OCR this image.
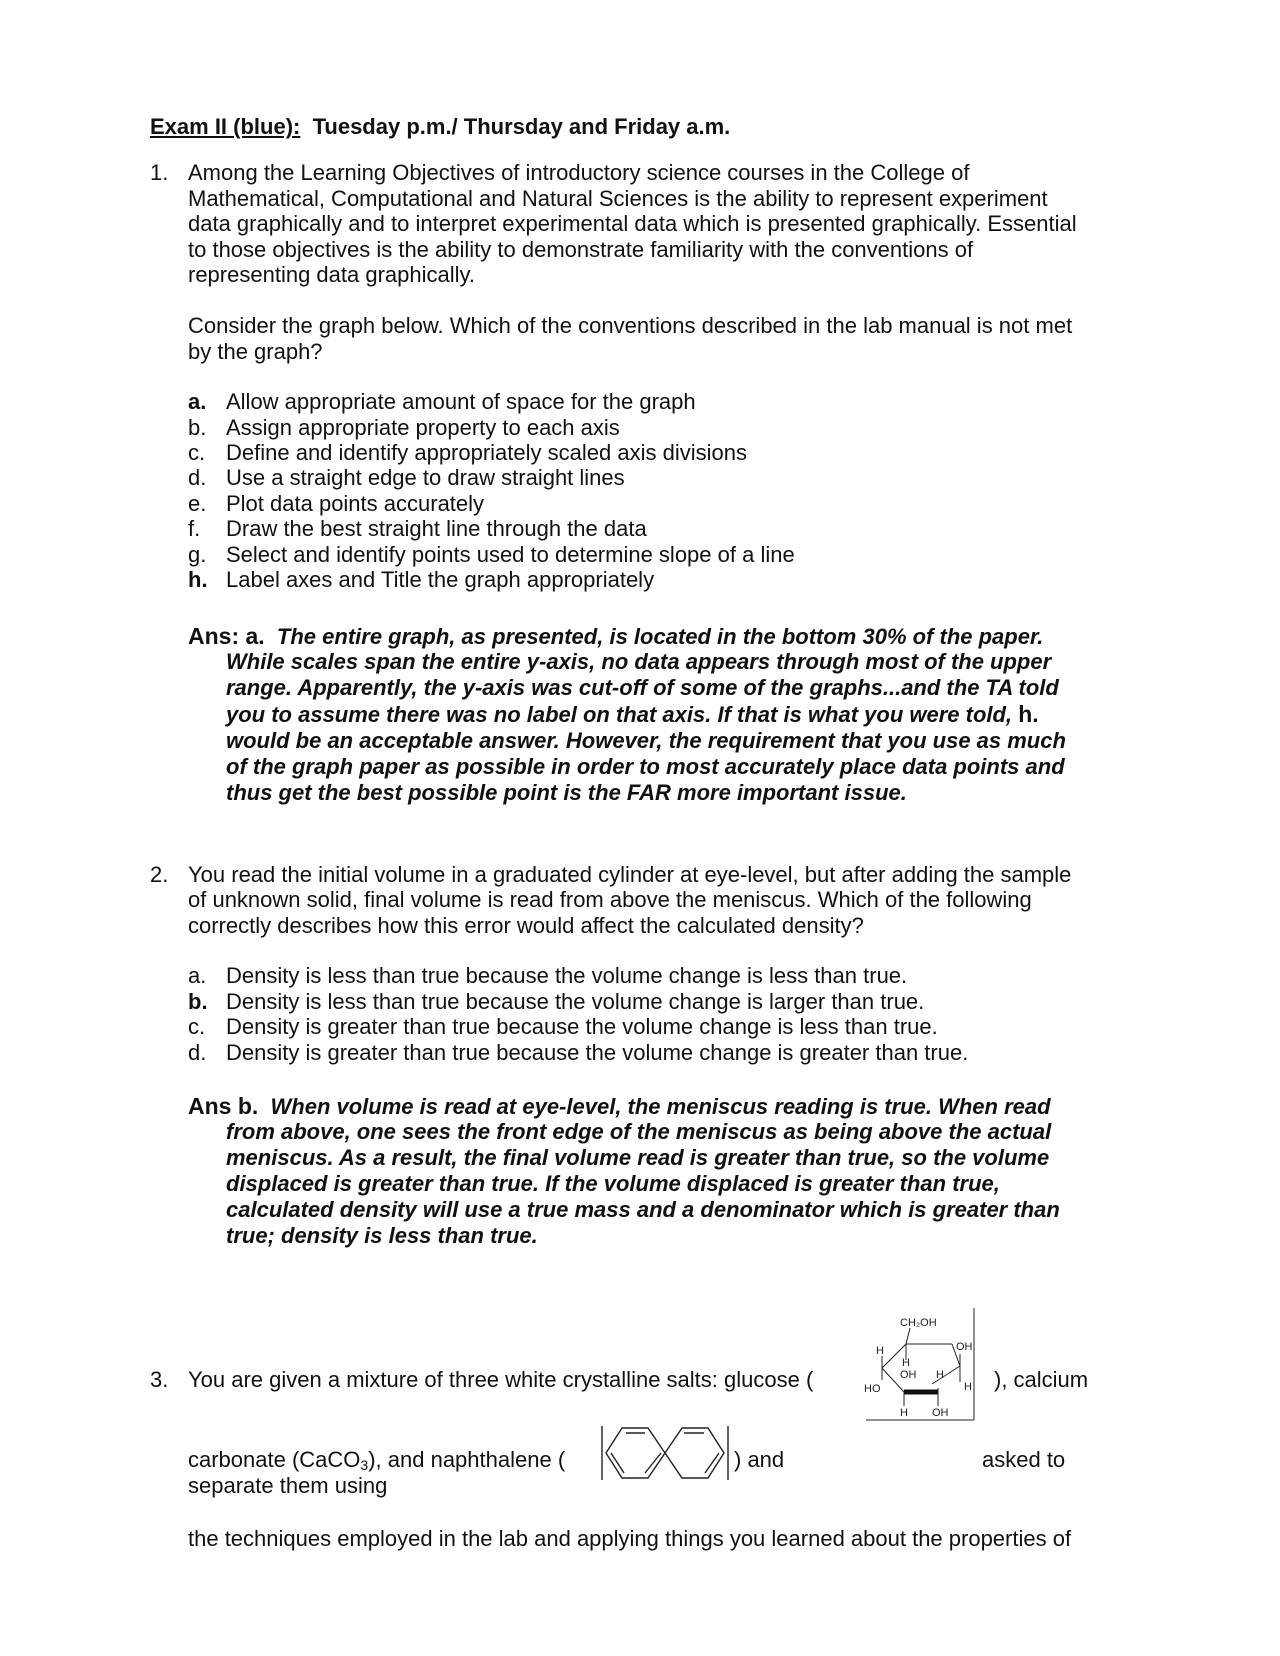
Exam II (blue): Tuesday p.m./ Thursday and Friday a.m.
1. Among the Learning Objectives of introductory science courses in the College of
Mathematical, Computational and Natural Sciences is the ability to represent experiment
data graphically and to interpret experimental data which is presented graphically. Essential
to those objectives is the ability to demonstrate familiarity with the conventions of
representing data graphically.
Consider the graph below. Which of the conventions described in the lab manual is not met
by the graph?
a. Allow appropriate amount of space for the graph
b. Assign appropriate property to each axis
c. Define and identify appropriately scaled axis divisions
d. Use a straight edge to draw straight lines
e. Plot data points accurately
f. Draw the best straight line through the data
g. Select and identify points used to determine slope of a line
h. Label axes and Title the graph appropriately
Ans: a. The entire graph, as presented, is located in the bottom 30% of the paper.
While scales span the entire y-axis, no data appears through most of the upper
range. Apparently, the y-axis was cut-off of some of the graphs...and the TA told
you to assume there was no label on that axis. If that is what you were told, h.
would be an acceptable answer. However, the requirement that you use as much
of the graph paper as possible in order to most accurately place data points and
thus get the best possible point is the FAR more important issue.
2. You read the initial volume in a graduated cylinder at eye-level, but after adding the sample
of unknown solid, final volume is read from above the meniscus. Which of the following
correctly describes how this error would affect the calculated density?
a. Density is less than true because the volume change is less than true.
b. Density is less than true because the volume change is larger than true.
c. Density is greater than true because the volume change is less than true.
d. Density is greater than true because the volume change is greater than true.
Ans b. When volume is read at eye-level, the meniscus reading is true. When read
from above, one sees the front edge of the meniscus as being above the actual
meniscus. As a result, the final volume read is greater than true, so the volume
displaced is greater than true. If the volume displaced is greater than true,
calculated density will use a true mass and a denominator which is greater than
true; density is less than true.
3. You are given a mixture of three white crystalline salts: glucose (
CH₂OH
H
H
OH H
OH
H
HO
H OH
), calcium
carbonate (CaCO$_3$), and naphthalene (	) and	asked to
separate them using
the techniques employed in the lab and applying things you learned about the properties of
